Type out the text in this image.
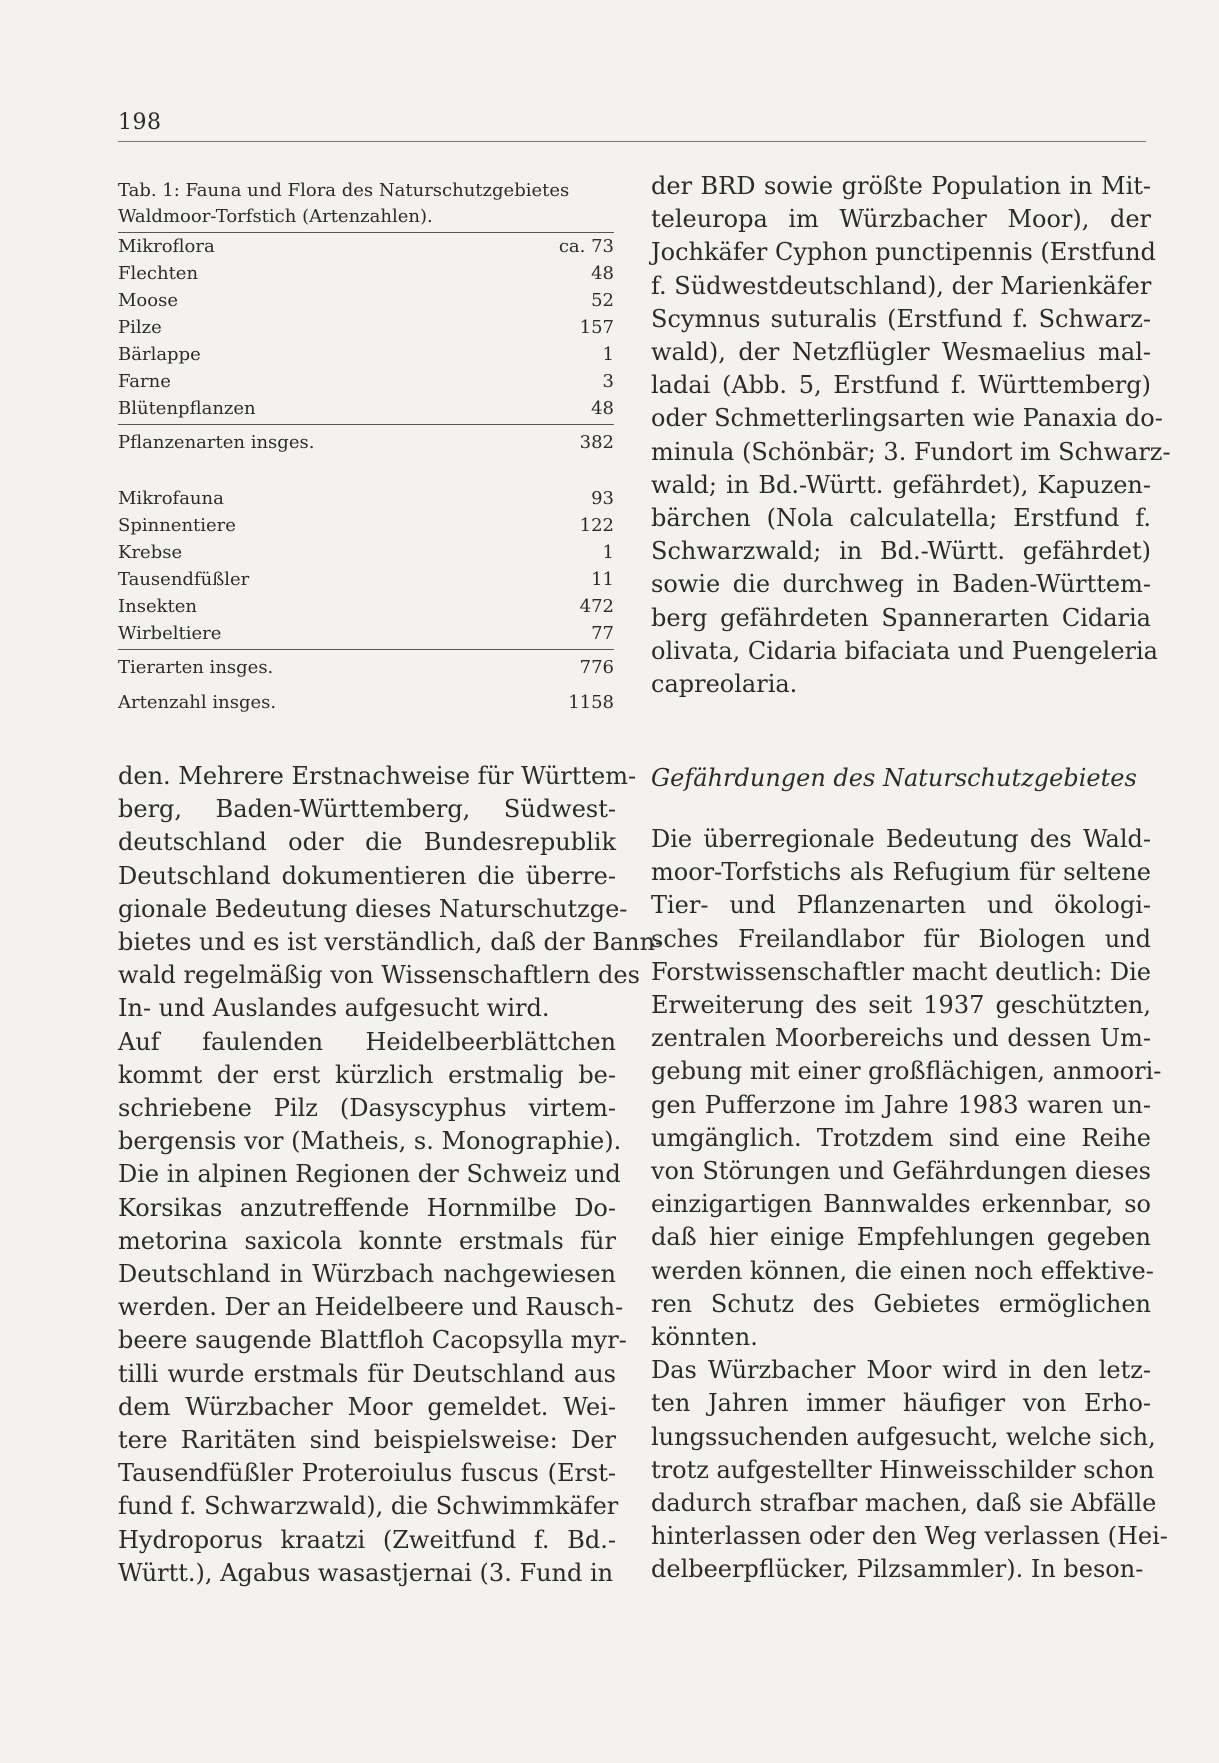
198
Tab. 1: Fauna und Flora des Naturschutzgebietes
Waldmoor-Torfstich (Artenzahlen).
Mikroflora	ca. 73
Flechten	48
Moose	52
Pilze	157
Bärlappe	1
Farne	3
Blütenpflanzen	48
Pflanzenarten insges.	382
Mikrofauna	93
Spinnentiere	122
Krebse	1
Tausendfüßler	11
Insekten	472
Wirbeltiere	77
Tierarten insges.	776
Artenzahl insges.	1158
den. Mehrere Erstnachweise für Württem-
berg, Baden-Württemberg, Südwest-
deutschland oder die Bundesrepublik
Deutschland dokumentieren die überre-
gionale Bedeutung dieses Naturschutzge-
bietes und es ist verständlich, daß der Bann-
wald regelmäßig von Wissenschaftlern des
In- und Auslandes aufgesucht wird.
Auf faulenden Heidelbeerblättchen
kommt der erst kürzlich erstmalig be-
schriebene Pilz (Dasyscyphus virtem-
bergensis vor (Matheis, s. Monographie).
Die in alpinen Regionen der Schweiz und
Korsikas anzutreffende Hornmilbe Do-
metorina saxicola konnte erstmals für
Deutschland in Würzbach nachgewiesen
werden. Der an Heidelbeere und Rausch-
beere saugende Blattfloh Cacopsylla myr-
tilli wurde erstmals für Deutschland aus
dem Würzbacher Moor gemeldet. Wei-
tere Raritäten sind beispielsweise: Der
Tausendfüßler Proteroiulus fuscus (Erst-
fund f. Schwarzwald), die Schwimmkäfer
Hydroporus kraatzi (Zweitfund f. Bd.-
Württ.), Agabus wasastjernai (3. Fund in
der BRD sowie größte Population in Mit-
teleuropa im Würzbacher Moor), der
Jochkäfer Cyphon punctipennis (Erstfund
f. Südwestdeutschland), der Marienkäfer
Scymnus suturalis (Erstfund f. Schwarz-
wald), der Netzflügler Wesmaelius mal-
ladai (Abb. 5, Erstfund f. Württemberg)
oder Schmetterlingsarten wie Panaxia do-
minula (Schönbär; 3. Fundort im Schwarz-
wald; in Bd.-Württ. gefährdet), Kapuzen-
bärchen (Nola calculatella; Erstfund f.
Schwarzwald; in Bd.-Württ. gefährdet)
sowie die durchweg in Baden-Württem-
berg gefährdeten Spannerarten Cidaria
olivata, Cidaria bifaciata und Puengeleria
capreolaria.
Gefährdungen des Naturschutzgebietes
Die überregionale Bedeutung des Wald-
moor-Torfstichs als Refugium für seltene
Tier- und Pflanzenarten und ökologi-
sches Freilandlabor für Biologen und
Forstwissenschaftler macht deutlich: Die
Erweiterung des seit 1937 geschützten,
zentralen Moorbereichs und dessen Um-
gebung mit einer großflächigen, anmoori-
gen Pufferzone im Jahre 1983 waren un-
umgänglich. Trotzdem sind eine Reihe
von Störungen und Gefährdungen dieses
einzigartigen Bannwaldes erkennbar, so
daß hier einige Empfehlungen gegeben
werden können, die einen noch effektive-
ren Schutz des Gebietes ermöglichen
könnten.
Das Würzbacher Moor wird in den letz-
ten Jahren immer häufiger von Erho-
lungssuchenden aufgesucht, welche sich,
trotz aufgestellter Hinweisschilder schon
dadurch strafbar machen, daß sie Abfälle
hinterlassen oder den Weg verlassen (Hei-
delbeerpflücker, Pilzsammler). In beson-
